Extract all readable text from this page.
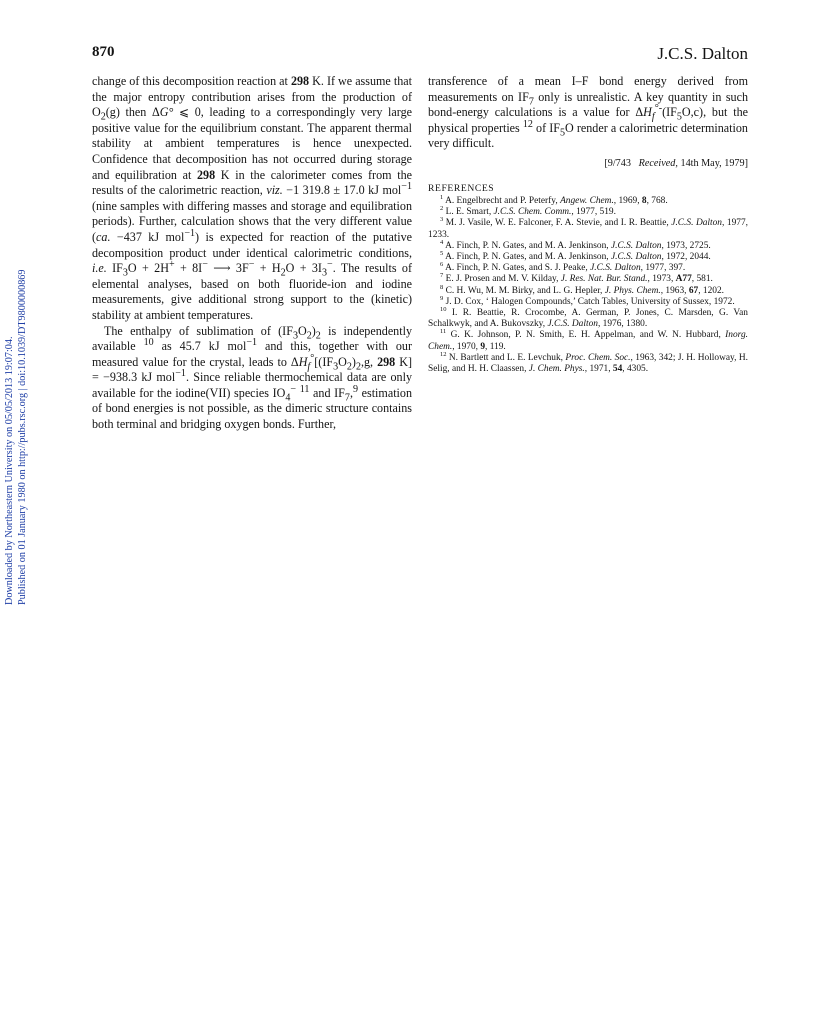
Downloaded by Northeastern University on 05/05/2013 19:07:04. Published on 01 January 1980 on http://pubs.rsc.org | doi:10.1039/DT9800000869
870	J.C.S. Dalton

change of this decomposition reaction at 298 K. If we assume that the major entropy contribution arises from the production of $O_2(g)$ then ΔG° ⩽ 0, leading to a correspondingly very large positive value for the equilibrium constant. The apparent thermal stability at ambient temperatures is hence unexpected. Confidence that decomposition has not occurred during storage and equilibration at 298 K in the calorimeter comes from the results of the calorimetric reaction, viz. −1 319.8 ± 17.0 kJ mol$^{-1}$ (nine samples with differing masses and storage and equilibration periods). Further, calculation shows that the very different value (ca. −437 kJ mol$^{-1}$) is expected for reaction of the putative decomposition product under identical calorimetric conditions, i.e. $IF_3O + 2H^+ + 8I^-$ ⟶ $3F^- + H_2O + 3I_3^-$. The results of elemental analyses, based on both fluoride-ion and iodine measurements, give additional strong support to the (kinetic) stability at ambient temperatures.

The enthalpy of sublimation of $(IF_3O_2)_2$ is independently available $^{10}$ as 45.7 kJ mol$^{-1}$ and this, together with our measured value for the crystal, leads to $\Delta H_f^\circ[(IF_3O_2)_2,g$, 298 K] = −938.3 kJ mol$^{-1}$. Since reliable thermochemical data are only available for the iodine(VII) species $IO_4^-$ $^{11}$ and $IF_7,^9$ estimation of bond energies is not possible, as the dimeric structure contains both terminal and bridging oxygen bonds. Further,

transference of a mean I–F bond energy derived from measurements on $IF_7$ only is unrealistic. A key quantity in such bond-energy calculations is a value for $\Delta H_f^{^\circ-}(IF_5O,c)$, but the physical properties $^{12}$ of $IF_5O$ render a calorimetric determination very difficult.

[9/743 Received, 14th May, 1979]
REFERENCES
$^1$ A. Engelbrecht and P. Peterfy, Angew. Chem., 1969, 8, 768.
$^2$ L. E. Smart, J.C.S. Chem. Comm., 1977, 519.
$^3$ M. J. Vasile, W. E. Falconer, F. A. Stevie, and I. R. Beattie, J.C.S. Dalton, 1977, 1233.
$^4$ A. Finch, P. N. Gates, and M. A. Jenkinson, J.C.S. Dalton, 1973, 2725.
$^5$ A. Finch, P. N. Gates, and M. A. Jenkinson, J.C.S. Dalton, 1972, 2044.
$^6$ A. Finch, P. N. Gates, and S. J. Peake, J.C.S. Dalton, 1977, 397.
$^7$ E. J. Prosen and M. V. Kilday, J. Res. Nat. Bur. Stand., 1973, A77, 581.
$^8$ C. H. Wu, M. M. Birky, and L. G. Hepler, J. Phys. Chem., 1963, 67, 1202.
$^9$ J. D. Cox, ‘ Halogen Compounds,’ Catch Tables, University of Sussex, 1972.
$^{10}$ I. R. Beattie, R. Crocombe, A. German, P. Jones, C. Marsden, G. Van Schalkwyk, and A. Bukovszky, J.C.S. Dalton, 1976, 1380.
$^{11}$ G. K. Johnson, P. N. Smith, E. H. Appelman, and W. N. Hubbard, Inorg. Chem., 1970, 9, 119.
$^{12}$ N. Bartlett and L. E. Levchuk, Proc. Chem. Soc., 1963, 342; J. H. Holloway, H. Selig, and H. H. Claassen, J. Chem. Phys., 1971, 54, 4305.
